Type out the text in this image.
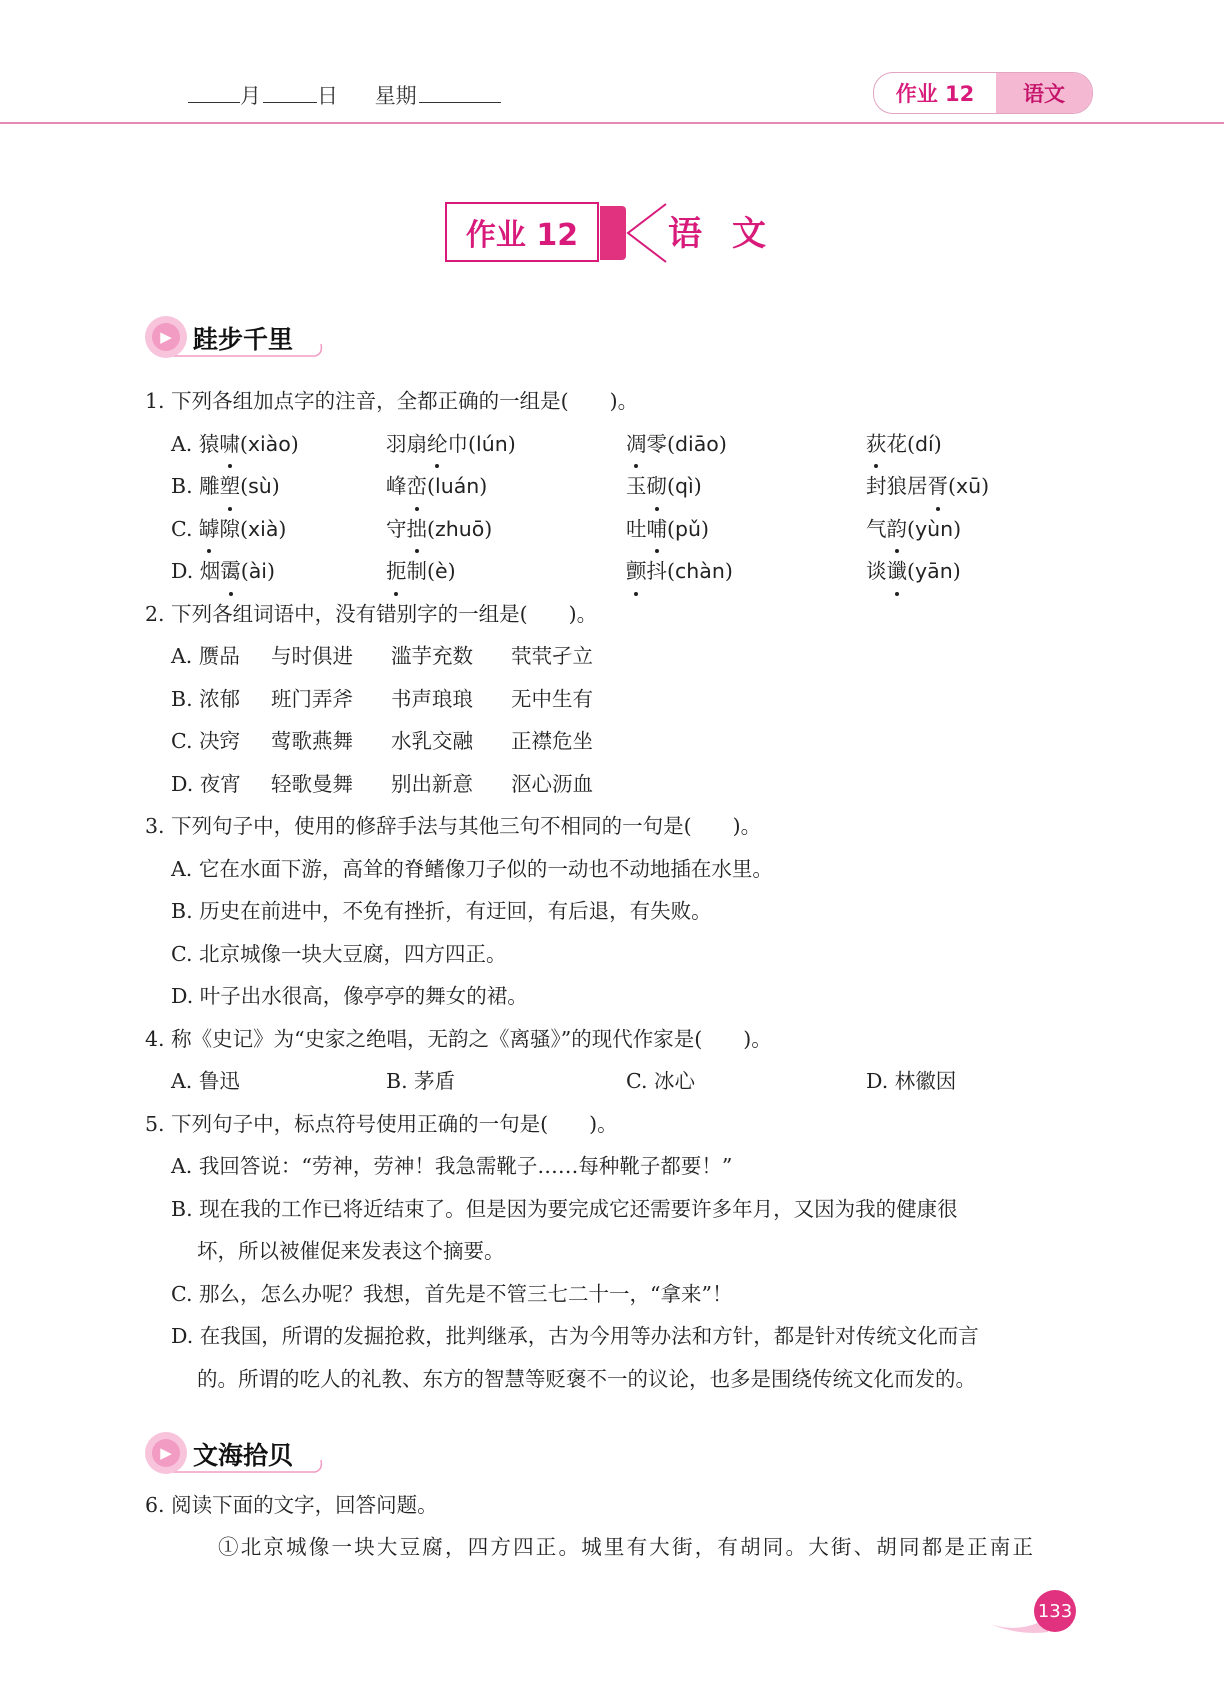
月	日 星期	作业 12	语文
作业 12	语文
▶ 跬步千里
1. 下列各组加点字的注音，全都正确的一组是(　　)。
A. 猿啸(xiào)	羽扇纶巾(lún)	凋零(diāo)	荻花(dí)
B. 雕塑(sù)	峰峦(luán)	玉砌(qì)	封狼居胥(xū)
C. 罅隙(xià)	守拙(zhuō)	吐哺(pǔ)	气韵(yùn)
D. 烟霭(ài)	扼制(è)	颤抖(chàn)	谈谶(yān)
2. 下列各组词语中，没有错别字的一组是(　　)。
A. 赝品 与时俱进 滥芋充数 茕茕孑立
B. 浓郁 班门弄斧 书声琅琅 无中生有
C. 决窍 莺歌燕舞 水乳交融 正襟危坐
D. 夜宵 轻歌曼舞 别出新意 沤心沥血
3. 下列句子中，使用的修辞手法与其他三句不相同的一句是(　　)。
A. 它在水面下游，高耸的脊鳍像刀子似的一动也不动地插在水里。
B. 历史在前进中，不免有挫折，有迂回，有后退，有失败。
C. 北京城像一块大豆腐，四方四正。
D. 叶子出水很高，像亭亭的舞女的裙。
4. 称《史记》为“史家之绝唱，无韵之《离骚》”的现代作家是(　　)。
A. 鲁迅	B. 茅盾	C. 冰心	D. 林徽因
5. 下列句子中，标点符号使用正确的一句是(　　)。
A. 我回答说：“劳神，劳神！我急需靴子……每种靴子都要！”
B. 现在我的工作已将近结束了。但是因为要完成它还需要许多年月，又因为我的健康很
坏，所以被催促来发表这个摘要。
C. 那么，怎么办呢？我想，首先是不管三七二十一，“拿来”！
D. 在我国，所谓的发掘抢救，批判继承，古为今用等办法和方针，都是针对传统文化而言
的。所谓的吃人的礼教、东方的智慧等贬褒不一的议论，也多是围绕传统文化而发的。
▶ 文海拾贝
6. 阅读下面的文字，回答问题。
①北京城像一块大豆腐，四方四正。城里有大街，有胡同。大街、胡同都是正南正
133
